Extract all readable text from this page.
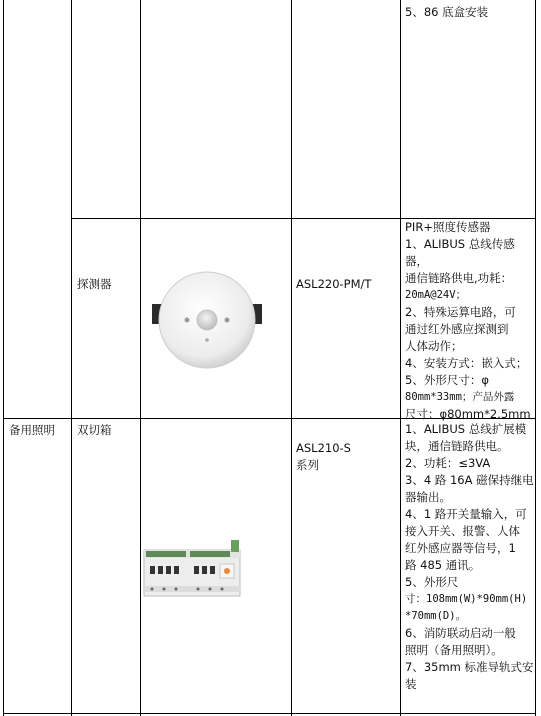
5、86 底盒安装
探测器	ASL220-PM/T
PIR+照度传感器
1、ALIBUS 总线传感器，
通信链路供电,功耗：
20mA@24V；
2、特殊运算电路，可
通过红外感应探测到
人体动作；
4、安装方式：嵌入式；
5、外形尺寸：φ
80mm*33mm；产品外露
尺寸：φ80mm*2.5mm
备用照明 双切箱
ASL210-S
系列
1、ALIBUS 总线扩展模
块，通信链路供电。
2、功耗：≤3VA
3、4 路 16A 磁保持继电
器输出。
4、1 路开关量输入，可
接入开关、报警、人体
红外感应器等信号，1
路 485 通讯。
5、外形尺
寸：108mm(W)*90mm(H)
*70mm(D)。
6、消防联动启动一般
照明（备用照明）。
7、35mm 标准导轨式安
装
